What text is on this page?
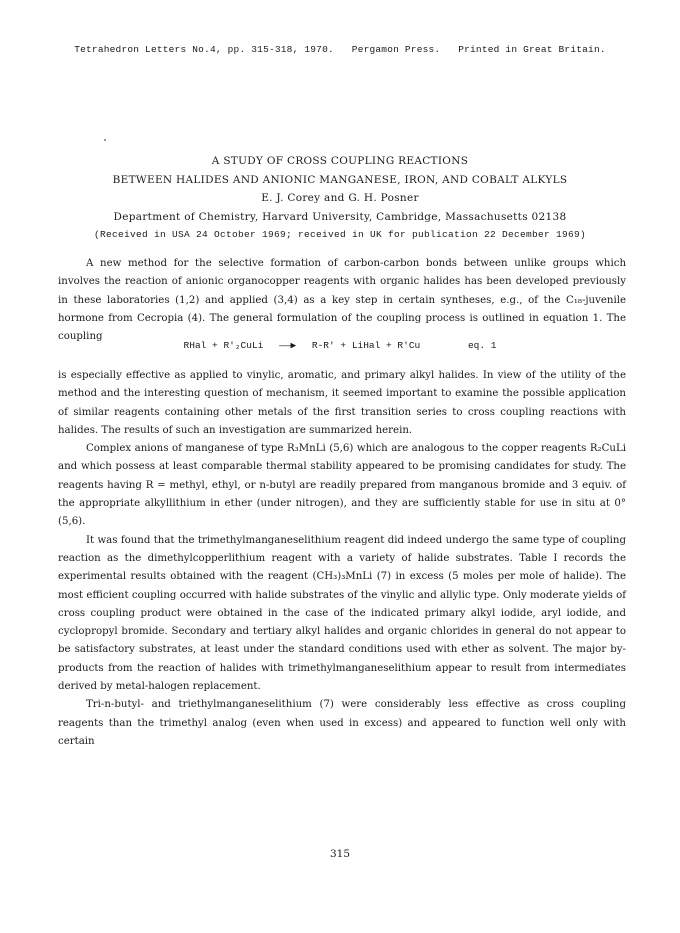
Tetrahedron Letters No.4, pp. 315-318, 1970. Pergamon Press. Printed in Great Britain.
A STUDY OF CROSS COUPLING REACTIONS
BETWEEN HALIDES AND ANIONIC MANGANESE, IRON, AND COBALT ALKYLS
E. J. Corey and G. H. Posner
Department of Chemistry, Harvard University, Cambridge, Massachusetts 02138
(Received in USA 24 October 1969; received in UK for publication 22 December 1969)

A new method for the selective formation of carbon-carbon bonds between unlike groups which involves the reaction of anionic organocopper reagents with organic halides has been developed previously in these laboratories (1,2) and applied (3,4) as a key step in certain syntheses, e.g., of the C₁₈-juvenile hormone from Cecropia (4). The general formulation of the coupling process is outlined in equation 1. The coupling

RHal + R′₂CuLi ——▶ R-R′ + LiHal + R′Cu	eq. 1

is especially effective as applied to vinylic, aromatic, and primary alkyl halides. In view of the utility of the method and the interesting question of mechanism, it seemed important to examine the possible application of similar reagents containing other metals of the first transition series to cross coupling reactions with halides. The results of such an investigation are summarized herein.

Complex anions of manganese of type R₃MnLi (5,6) which are analogous to the copper reagents R₂CuLi and which possess at least comparable thermal stability appeared to be promising candidates for study. The reagents having R = methyl, ethyl, or n-butyl are readily prepared from manganous bromide and 3 equiv. of the appropriate alkyllithium in ether (under nitrogen), and they are sufficiently stable for use in situ at 0° (5,6).

It was found that the trimethylmanganeselithium reagent did indeed undergo the same type of coupling reaction as the dimethylcopperlithium reagent with a variety of halide substrates. Table I records the experimental results obtained with the reagent (CH₃)₃MnLi (7) in excess (5 moles per mole of halide). The most efficient coupling occurred with halide substrates of the vinylic and allylic type. Only moderate yields of cross coupling product were obtained in the case of the indicated primary alkyl iodide, aryl iodide, and cyclopropyl bromide. Secondary and tertiary alkyl halides and organic chlorides in general do not appear to be satisfactory substrates, at least under the standard conditions used with ether as solvent. The major by-products from the reaction of halides with trimethylmanganeselithium appear to result from intermediates derived by metal-halogen replacement.

Tri-n-butyl- and triethylmanganeselithium (7) were considerably less effective as cross coupling reagents than the trimethyl analog (even when used in excess) and appeared to function well only with certain

315
